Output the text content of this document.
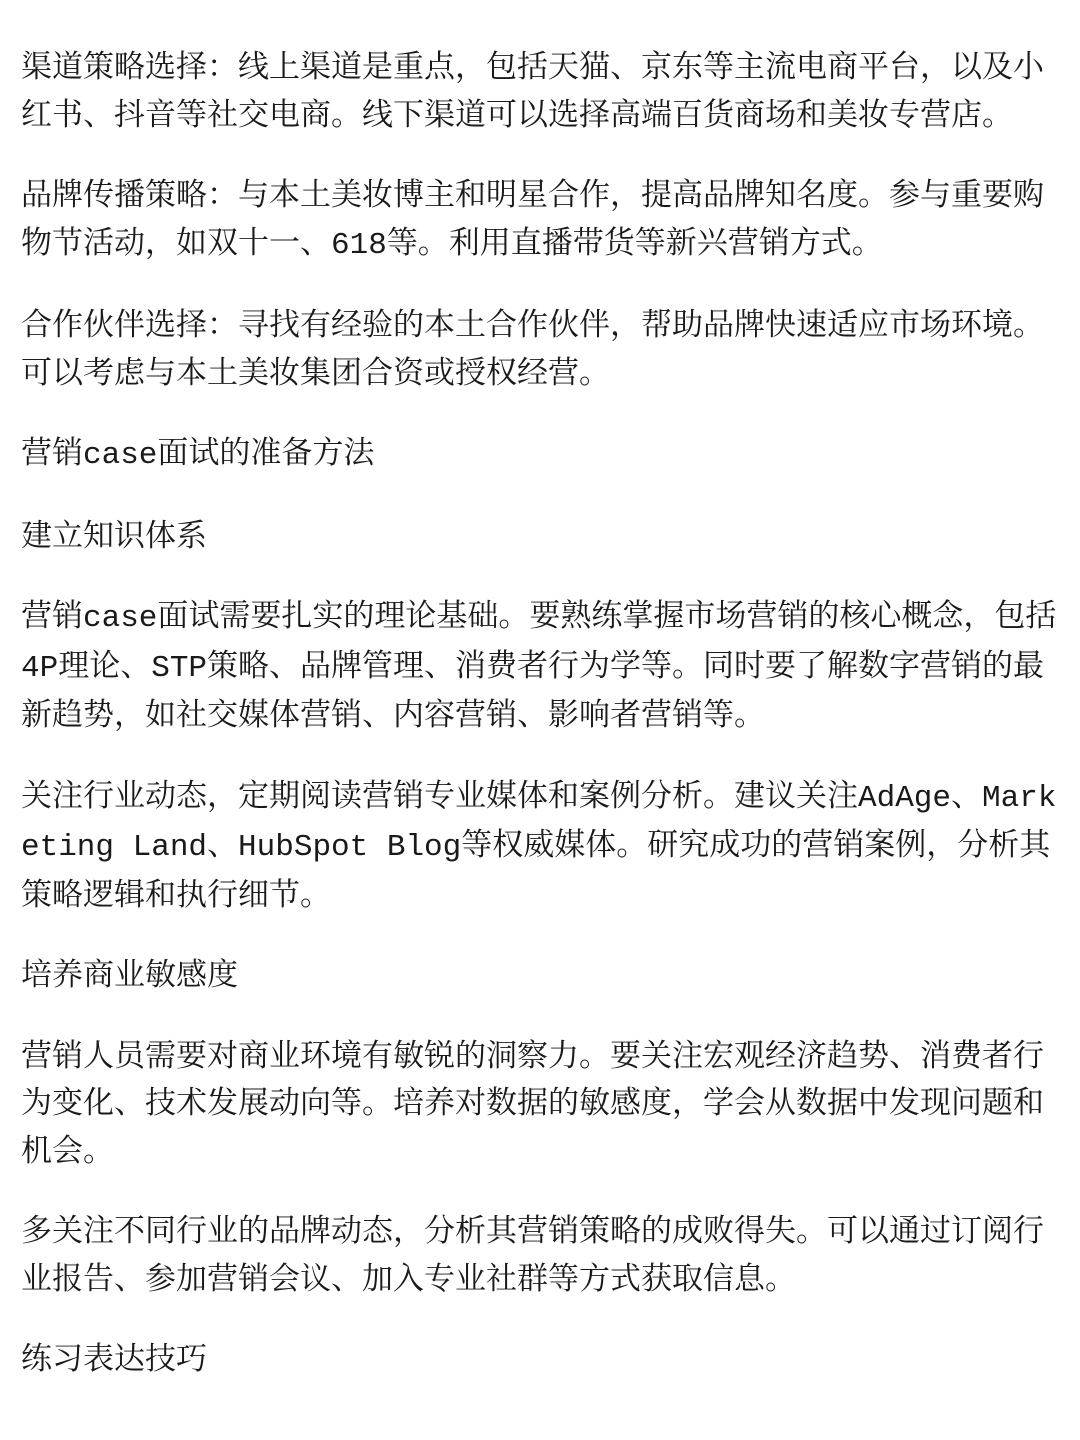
渠道策略选择：线上渠道是重点，包括天猫、京东等主流电商平台，以及小红书、抖音等社交电商。线下渠道可以选择高端百货商场和美妆专营店。

品牌传播策略：与本土美妆博主和明星合作，提高品牌知名度。参与重要购物节活动，如双十一、618等。利用直播带货等新兴营销方式。

合作伙伴选择：寻找有经验的本土合作伙伴，帮助品牌快速适应市场环境。可以考虑与本土美妆集团合资或授权经营。

营销case面试的准备方法

建立知识体系

营销case面试需要扎实的理论基础。要熟练掌握市场营销的核心概念，包括4P理论、STP策略、品牌管理、消费者行为学等。同时要了解数字营销的最新趋势，如社交媒体营销、内容营销、影响者营销等。

关注行业动态，定期阅读营销专业媒体和案例分析。建议关注AdAge、Marketing Land、HubSpot Blog等权威媒体。研究成功的营销案例，分析其策略逻辑和执行细节。

培养商业敏感度

营销人员需要对商业环境有敏锐的洞察力。要关注宏观经济趋势、消费者行为变化、技术发展动向等。培养对数据的敏感度，学会从数据中发现问题和机会。

多关注不同行业的品牌动态，分析其营销策略的成败得失。可以通过订阅行业报告、参加营销会议、加入专业社群等方式获取信息。

练习表达技巧
